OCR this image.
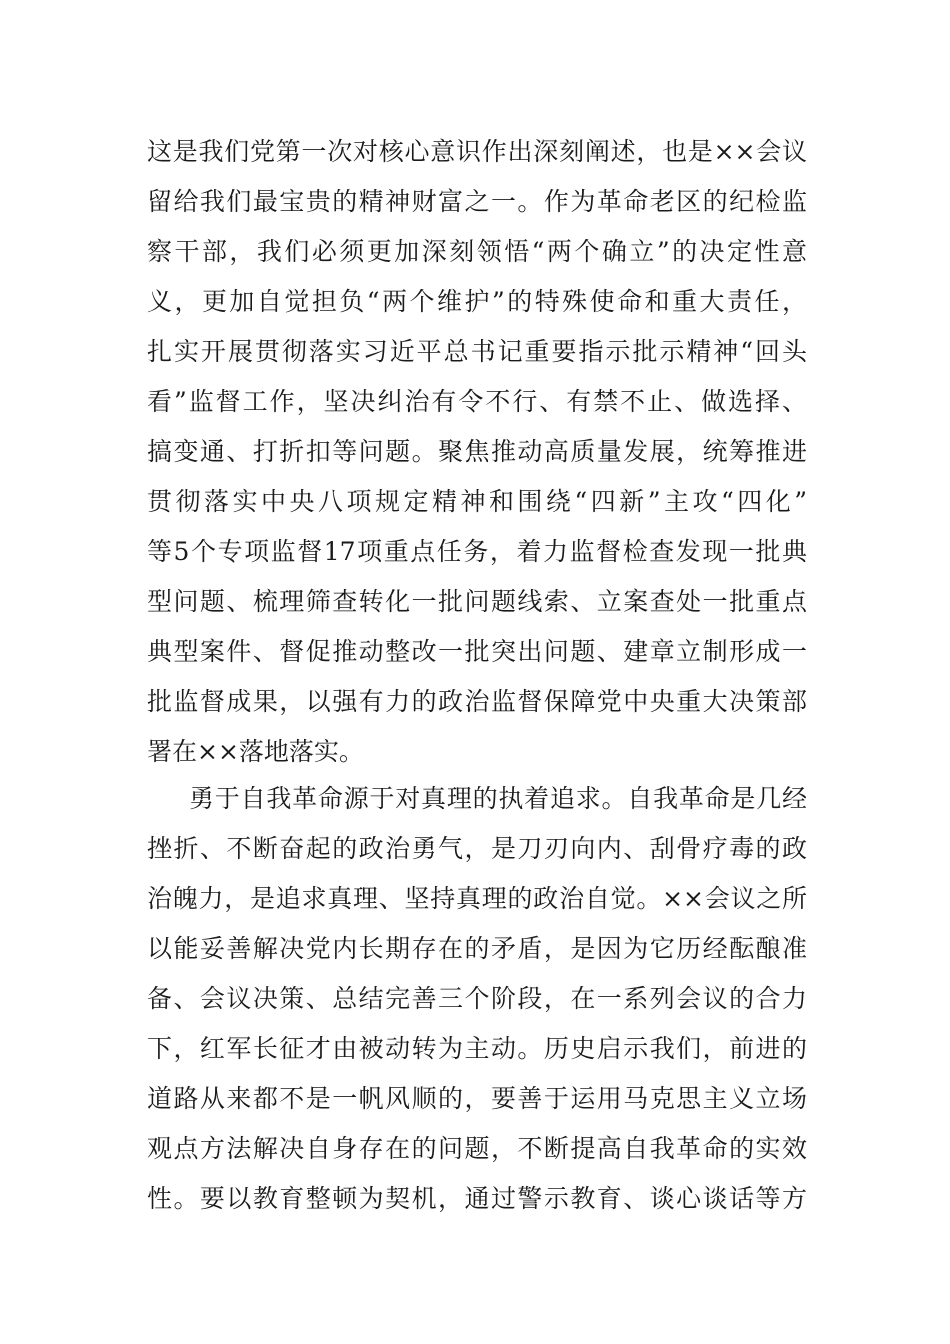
这是我们党第一次对核心意识作出深刻阐述，也是××会议
留给我们最宝贵的精神财富之一。作为革命老区的纪检监
察干部，我们必须更加深刻领悟“两个确立”的决定性意
义，更加自觉担负“两个维护”的特殊使命和重大责任，
扎实开展贯彻落实习近平总书记重要指示批示精神“回头
看”监督工作，坚决纠治有令不行、有禁不止、做选择、
搞变通、打折扣等问题。聚焦推动高质量发展，统筹推进
贯彻落实中央八项规定精神和围绕“四新”主攻“四化”
等5个专项监督17项重点任务，着力监督检查发现一批典
型问题、梳理筛查转化一批问题线索、立案查处一批重点
典型案件、督促推动整改一批突出问题、建章立制形成一
批监督成果，以强有力的政治监督保障党中央重大决策部
署在××落地落实。
勇于自我革命源于对真理的执着追求。自我革命是几经
挫折、不断奋起的政治勇气，是刀刃向内、刮骨疗毒的政
治魄力，是追求真理、坚持真理的政治自觉。××会议之所
以能妥善解决党内长期存在的矛盾，是因为它历经酝酿准
备、会议决策、总结完善三个阶段，在一系列会议的合力
下，红军长征才由被动转为主动。历史启示我们，前进的
道路从来都不是一帆风顺的，要善于运用马克思主义立场
观点方法解决自身存在的问题，不断提高自我革命的实效
性。要以教育整顿为契机，通过警示教育、谈心谈话等方
